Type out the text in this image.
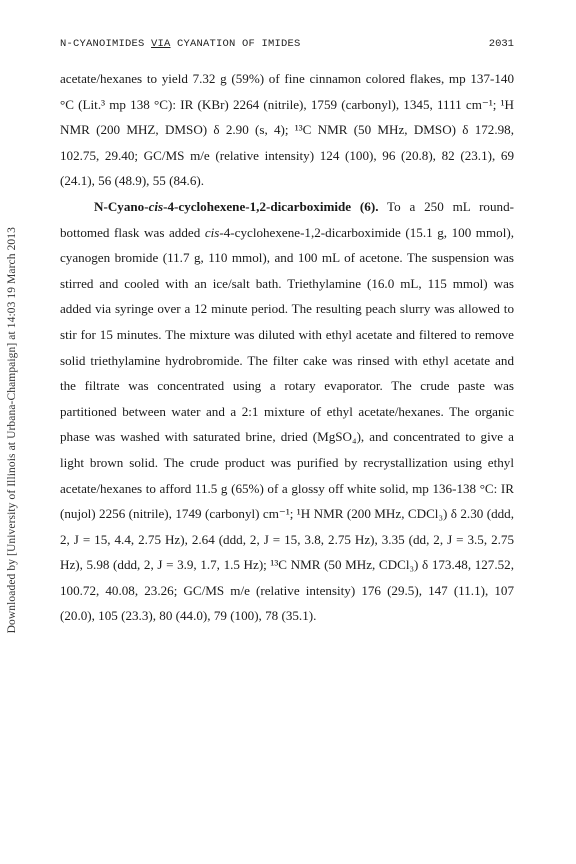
Downloaded by [University of Illinois at Urbana-Champaign] at 14:03 19 March 2013
N-CYANOIMIDES VIA CYANATION OF IMIDES	2031

acetate/hexanes to yield 7.32 g (59%) of fine cinnamon colored flakes, mp 137-140 °C (Lit.³ mp 138 °C): IR (KBr) 2264 (nitrile), 1759 (carbonyl), 1345, 1111 cm⁻¹; ¹H NMR (200 MHZ, DMSO) δ 2.90 (s, 4); ¹³C NMR (50 MHz, DMSO) δ 172.98, 102.75, 29.40; GC/MS m/e (relative intensity) 124 (100), 96 (20.8), 82 (23.1), 69 (24.1), 56 (48.9), 55 (84.6).

N-Cyano-cis-4-cyclohexene-1,2-dicarboximide (6). To a 250 mL round-bottomed flask was added cis-4-cyclohexene-1,2-dicarboximide (15.1 g, 100 mmol), cyanogen bromide (11.7 g, 110 mmol), and 100 mL of acetone. The suspension was stirred and cooled with an ice/salt bath. Triethylamine (16.0 mL, 115 mmol) was added via syringe over a 12 minute period. The resulting peach slurry was allowed to stir for 15 minutes. The mixture was diluted with ethyl acetate and filtered to remove solid triethylamine hydrobromide. The filter cake was rinsed with ethyl acetate and the filtrate was concentrated using a rotary evaporator. The crude paste was partitioned between water and a 2:1 mixture of ethyl acetate/hexanes. The organic phase was washed with saturated brine, dried (MgSO₄), and concentrated to give a light brown solid. The crude product was purified by recrystallization using ethyl acetate/hexanes to afford 11.5 g (65%) of a glossy off white solid, mp 136-138 °C: IR (nujol) 2256 (nitrile), 1749 (carbonyl) cm⁻¹; ¹H NMR (200 MHz, CDCl₃) δ 2.30 (ddd, 2, J = 15, 4.4, 2.75 Hz), 2.64 (ddd, 2, J = 15, 3.8, 2.75 Hz), 3.35 (dd, 2, J = 3.5, 2.75 Hz), 5.98 (ddd, 2, J = 3.9, 1.7, 1.5 Hz); ¹³C NMR (50 MHz, CDCl₃) δ 173.48, 127.52, 100.72, 40.08, 23.26; GC/MS m/e (relative intensity) 176 (29.5), 147 (11.1), 107 (20.0), 105 (23.3), 80 (44.0), 79 (100), 78 (35.1).
